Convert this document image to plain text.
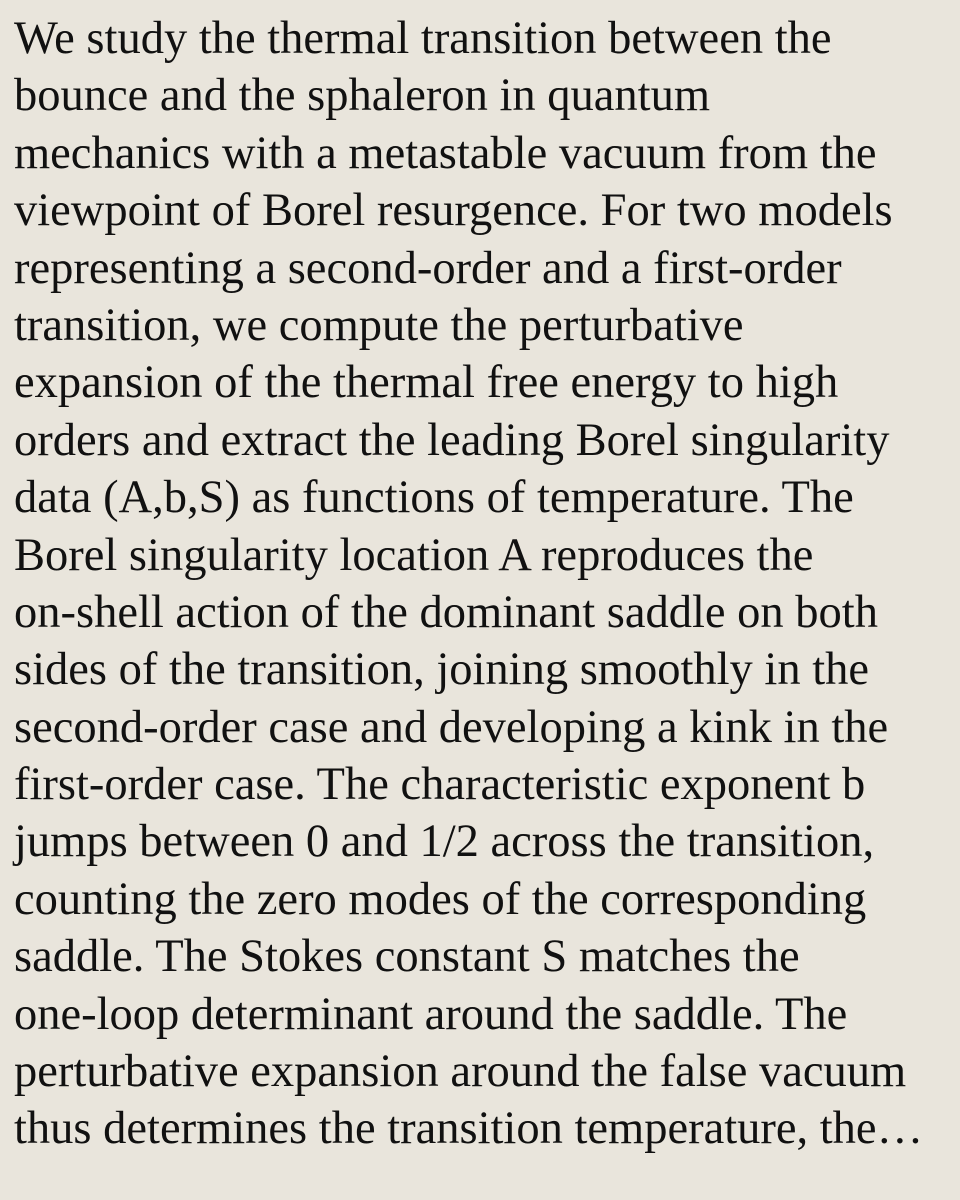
We study the thermal transition between the
bounce and the sphaleron in quantum
mechanics with a metastable vacuum from the
viewpoint of Borel resurgence. For two models
representing a second-order and a first-order
transition, we compute the perturbative
expansion of the thermal free energy to high
orders and extract the leading Borel singularity
data (A,b,S) as functions of temperature. The
Borel singularity location A reproduces the
on-shell action of the dominant saddle on both
sides of the transition, joining smoothly in the
second-order case and developing a kink in the
first-order case. The characteristic exponent b
jumps between 0 and 1/2 across the transition,
counting the zero modes of the corresponding
saddle. The Stokes constant S matches the
one-loop determinant around the saddle. The
perturbative expansion around the false vacuum
thus determines the transition temperature, the…
